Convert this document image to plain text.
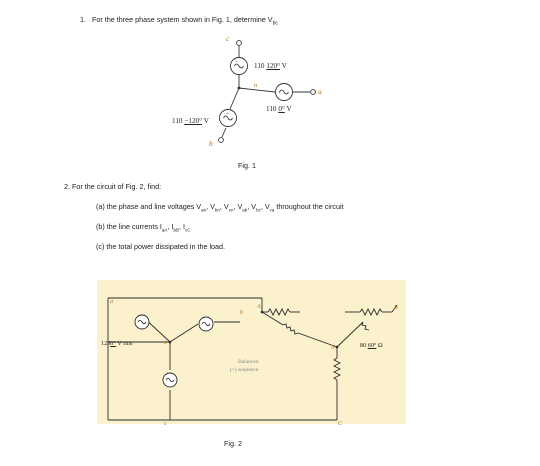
1. For the three phase system shown in Fig. 1, determine $V_{bc}$
+
+
+
c
a
b
n
110 120° V
110 0° V
110 −120° V
Fig. 1
2. For the circuit of Fig. 2, find:
(a) the phase and line voltages $V_{an}$, $V_{bn}$, $V_{cn}$, $V_{ab}$, $V_{bc}$, $V_{ca}$ throughout the circuit
(b) the line currents $I_{aA}$, $I_{bB}$, $I_{cC}$
(c) the total power dissipated in the load.
a
b
A	B
N
C
n
c
1200° V rms	80 60° Ω
Balanced
(+) sequence
Fig. 2
